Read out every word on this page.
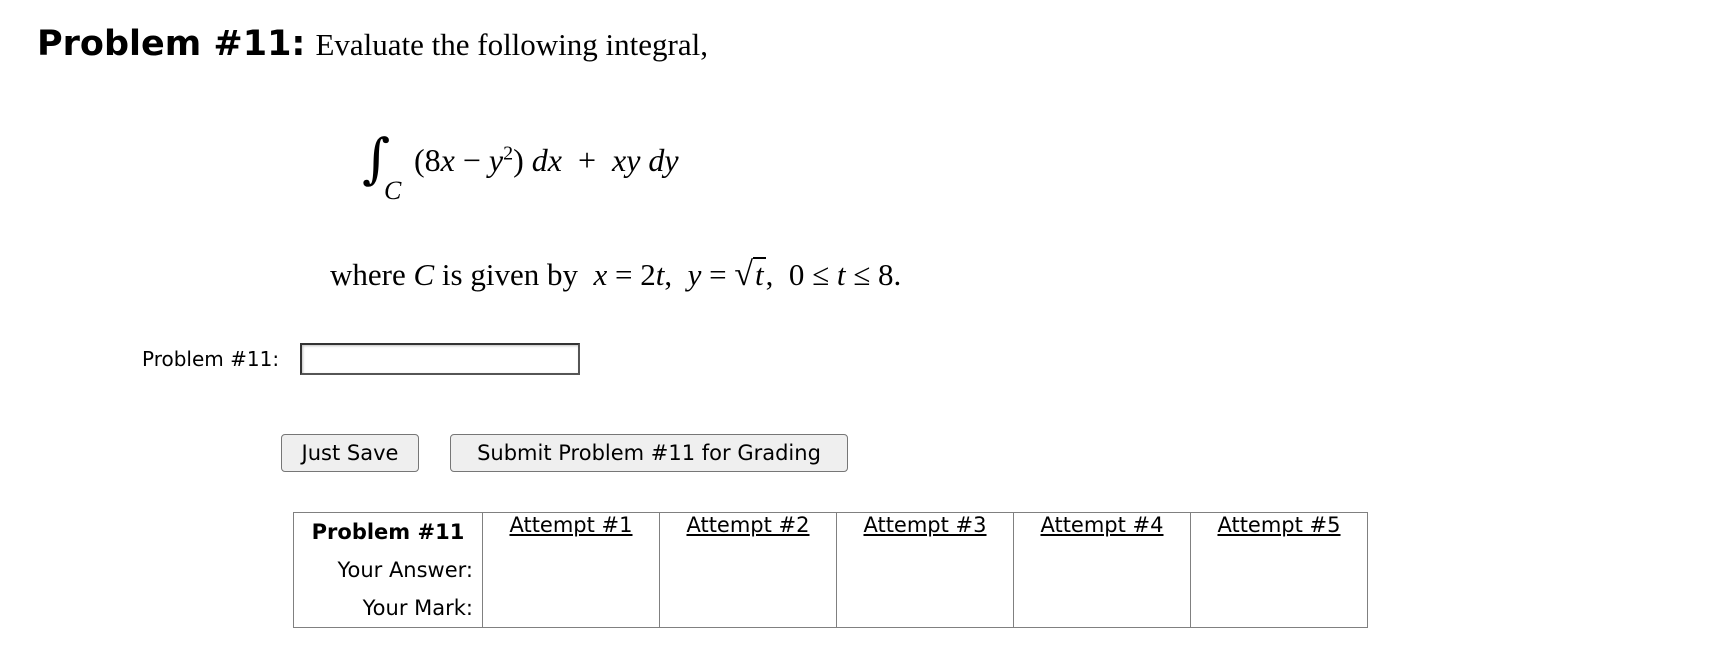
Problem #11: Evaluate the following integral,
∫
C
$(8x - y^2)$ dx  +  xy dy
where C is given by  x = 2t,  y = √t,  0 ≤ t ≤ 8.
Problem #11:
Just Save	Submit Problem #11 for Grading
Problem #11	Attempt #1	Attempt #2	Attempt #3	Attempt #4	Attempt #5
Your Answer:
Your Mark:
